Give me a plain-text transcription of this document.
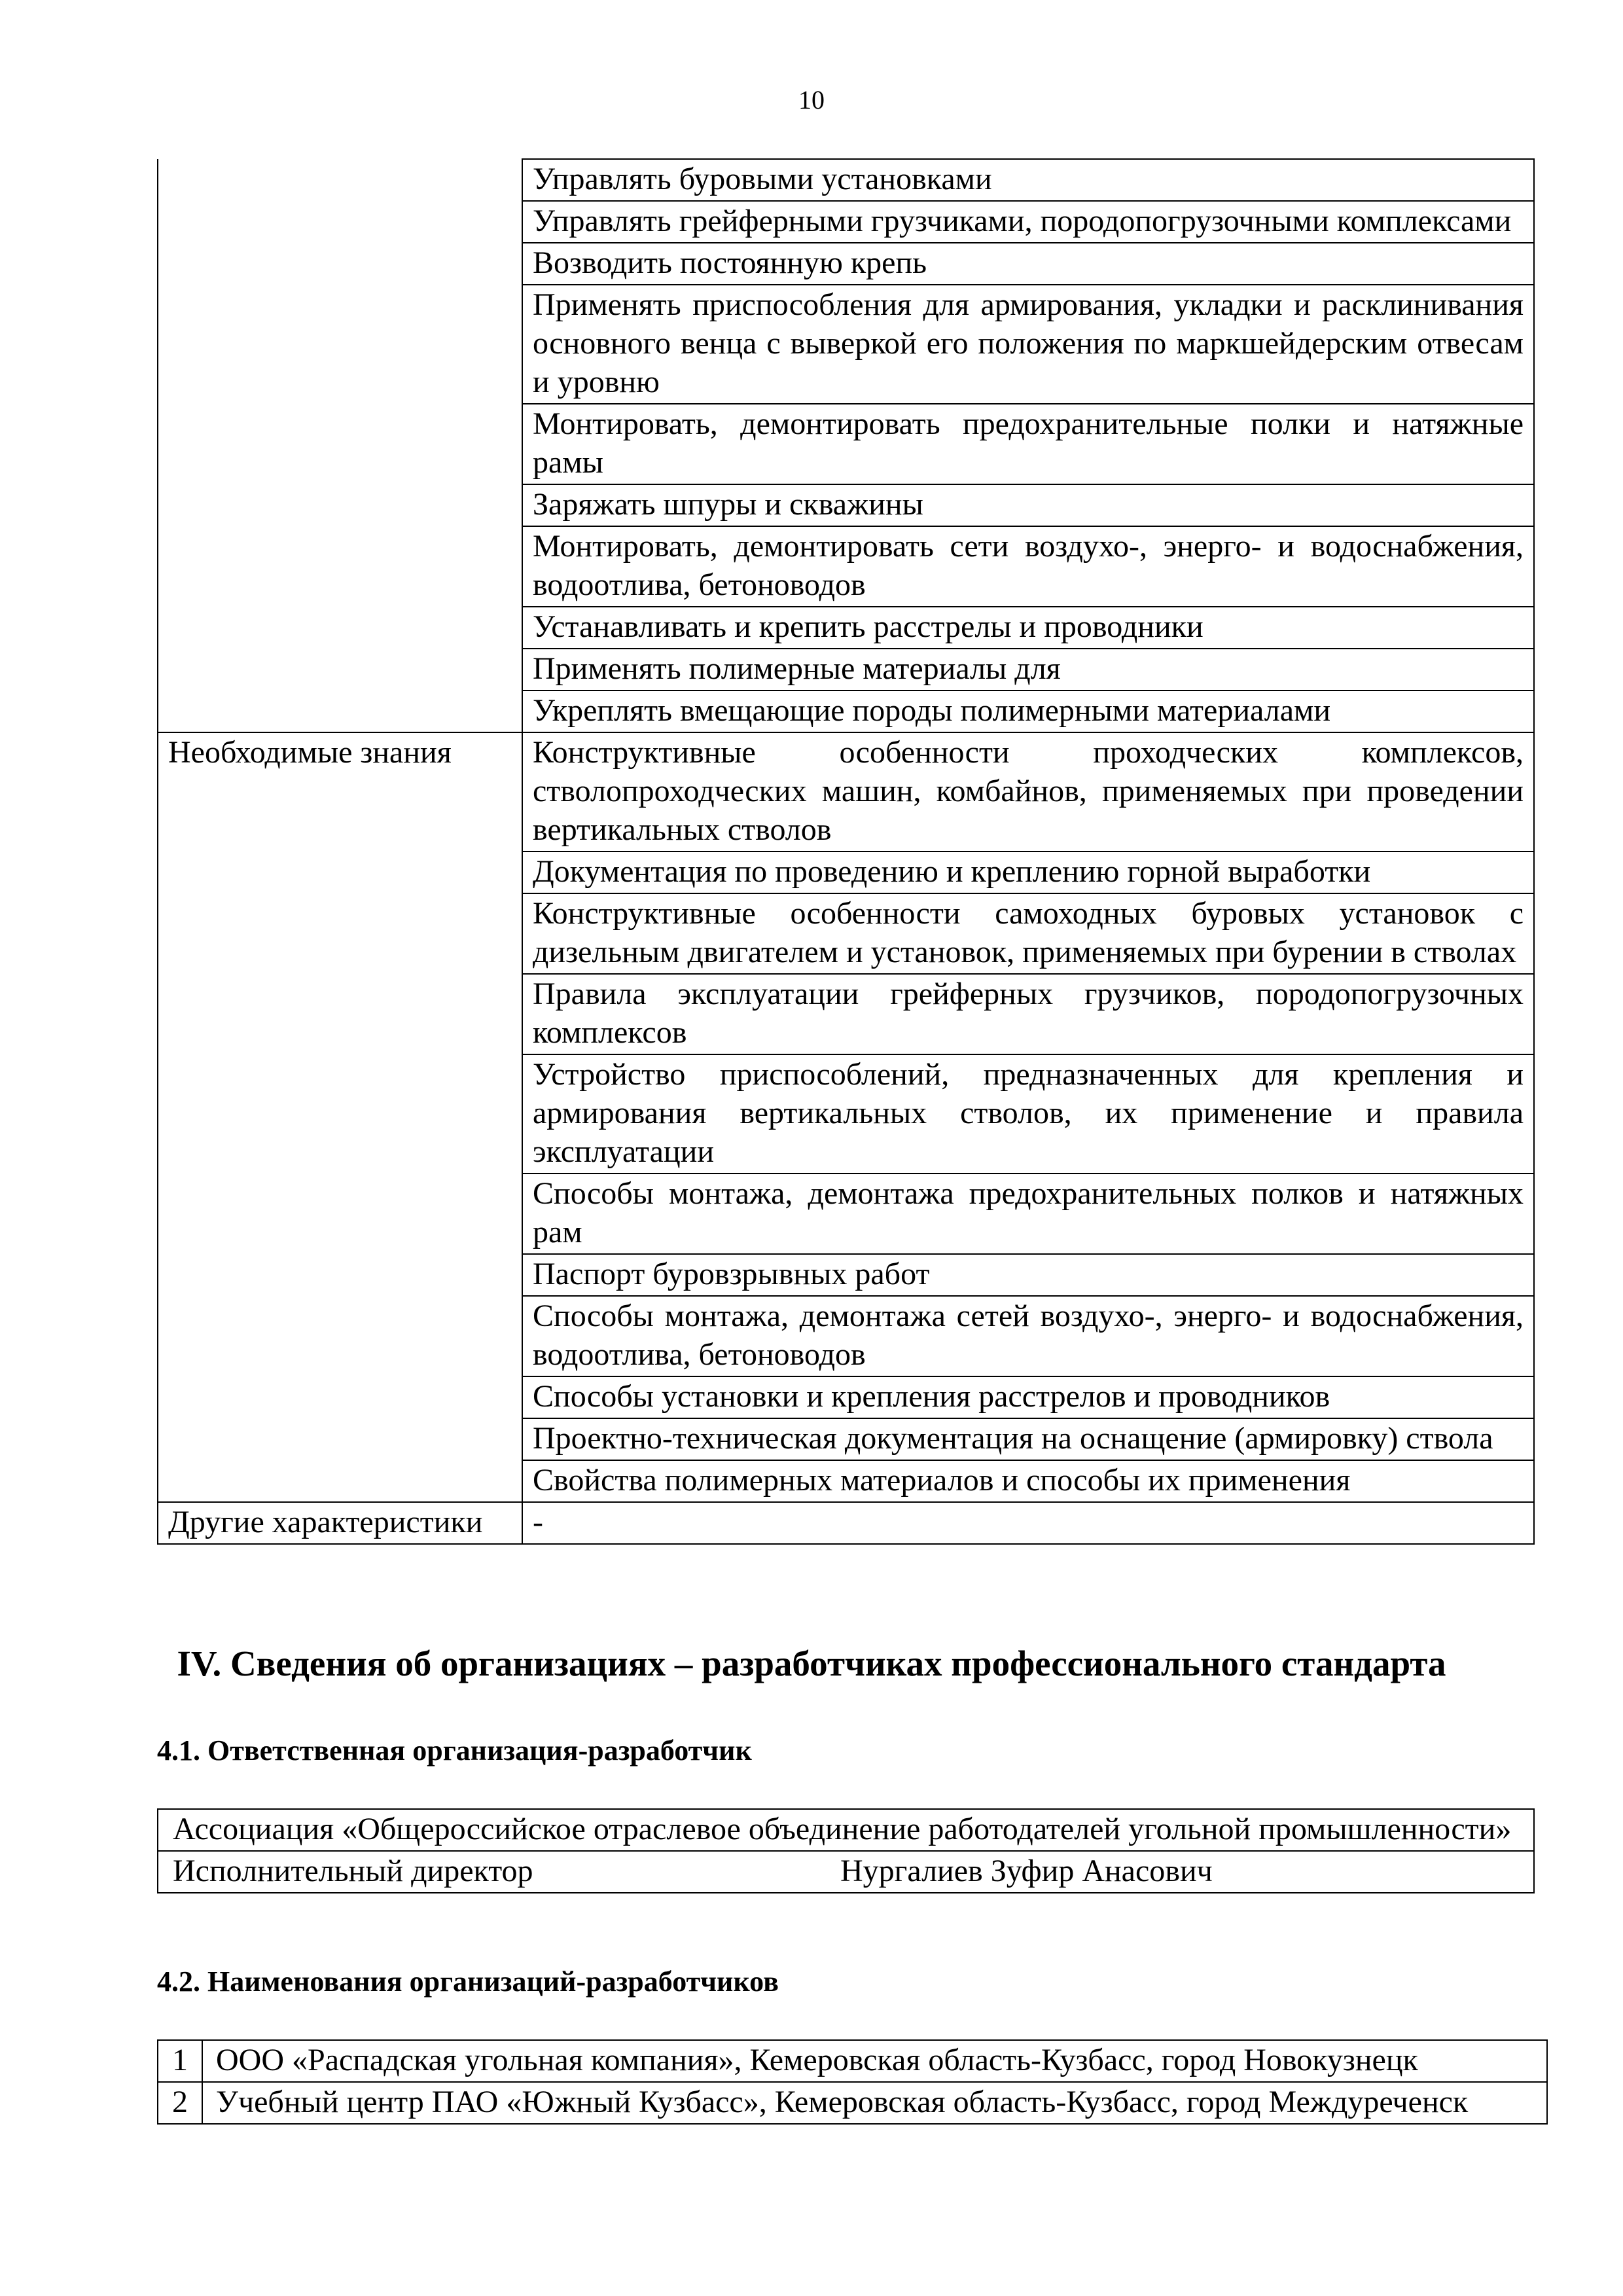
10
	Управлять буровыми установками
	Управлять грейферными грузчиками, породопогрузочными комплексами
	Возводить постоянную крепь
	Применять приспособления для армирования, укладки и расклинивания основного венца с выверкой его положения по маркшейдерским отвесам и уровню
	Монтировать, демонтировать предохранительные полки и натяжные рамы
	Заряжать шпуры и скважины
	Монтировать, демонтировать сети воздухо-, энерго- и водоснабжения, водоотлива, бетоноводов
	Устанавливать и крепить расстрелы и проводники
	Применять полимерные материалы для
	Укреплять вмещающие породы полимерными материалами
Необходимые знания	Конструктивные особенности проходческих комплексов, стволопроходческих машин, комбайнов, применяемых при проведении вертикальных стволов
	Документация по проведению и креплению горной выработки
	Конструктивные особенности самоходных буровых установок с дизельным двигателем и установок, применяемых при бурении в стволах
	Правила эксплуатации грейферных грузчиков, породопогрузочных комплексов
	Устройство приспособлений, предназначенных для крепления и армирования вертикальных стволов, их применение и правила эксплуатации
	Способы монтажа, демонтажа предохранительных полков и натяжных рам
	Паспорт буровзрывных работ
	Способы монтажа, демонтажа сетей воздухо-, энерго- и водоснабжения, водоотлива, бетоноводов
	Способы установки и крепления расстрелов и проводников
	Проектно-техническая документация на оснащение (армировку) ствола
	Свойства полимерных материалов и способы их применения
Другие характеристики	-
IV. Сведения об организациях – разработчиках профессионального стандарта
4.1. Ответственная организация-разработчик
Ассоциация «Общероссийское отраслевое объединение работодателей угольной промышленности»

Исполнительный директор	Нургалиев Зуфир Анасович
4.2. Наименования организаций-разработчиков
1	ООО «Распадская угольная компания», Кемеровская область-Кузбасс, город Новокузнецк
2	Учебный центр ПАО «Южный Кузбасс», Кемеровская область-Кузбасс, город Междуреченск
